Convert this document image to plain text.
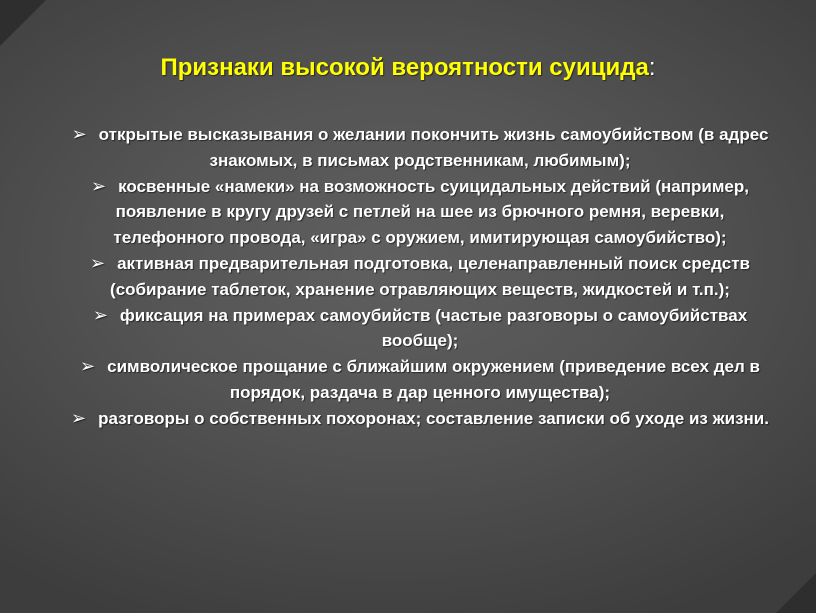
Признаки высокой вероятности суицида:
➢ открытые высказывания о желании покончить жизнь самоубийством (в адрес знакомых, в письмах родственникам, любимым);
➢ косвенные «намеки» на возможность суицидальных действий (например, появление в кругу друзей с петлей на шее из брючного ремня, веревки, телефонного провода, «игра» с оружием, имитирующая самоубийство);
➢ активная предварительная подготовка, целенаправленный поиск средств (собирание таблеток, хранение отравляющих веществ, жидкостей и т.п.);
➢ фиксация на примерах самоубийств (частые разговоры о самоубийствах вообще);
➢ символическое прощание с ближайшим окружением (приведение всех дел в порядок, раздача в дар ценного имущества);
➢ разговоры о собственных похоронах; составление записки об уходе из жизни.
